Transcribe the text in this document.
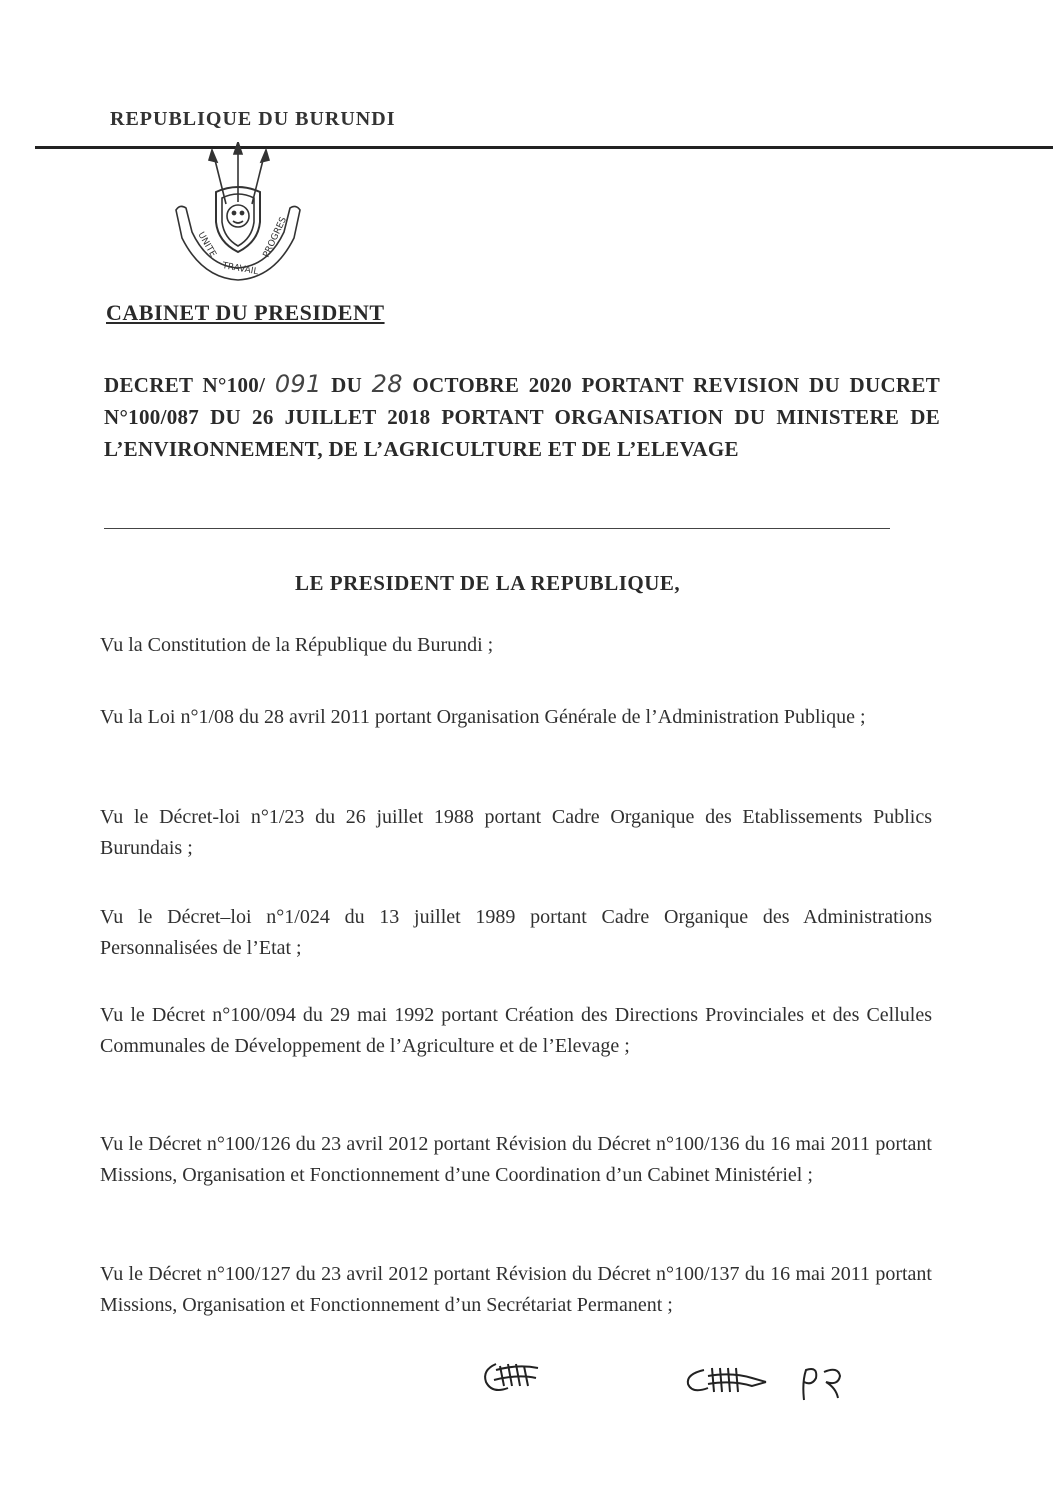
REPUBLIQUE DU BURUNDI
UNITE
TRAVAIL
PROGRES
CABINET DU PRESIDENT
DECRET N°100/ 091 DU 28 OCTOBRE 2020 PORTANT REVISION DU DUCRET N°100/087 DU 26 JUILLET 2018 PORTANT ORGANISATION DU MINISTERE DE L’ENVIRONNEMENT, DE L’AGRICULTURE ET DE L’ELEVAGE
LE PRESIDENT DE LA REPUBLIQUE,
Vu la Constitution de la République du Burundi ;
Vu la Loi n°1/08 du 28 avril 2011 portant Organisation Générale de l’Administration Publique ;
Vu le Décret-loi n°1/23 du 26 juillet 1988 portant Cadre Organique des Etablissements Publics Burundais ;
Vu le Décret–loi n°1/024 du 13 juillet 1989 portant Cadre Organique des Administrations Personnalisées de l’Etat ;
Vu le Décret n°100/094 du 29 mai 1992 portant Création des Directions Provinciales et des Cellules Communales de Développement de l’Agriculture et de l’Elevage ;
Vu le Décret n°100/126 du 23 avril 2012 portant Révision du Décret n°100/136 du 16 mai 2011 portant Missions, Organisation et Fonctionnement d’une Coordination d’un Cabinet Ministériel ;
Vu le Décret n°100/127 du 23 avril 2012 portant Révision du Décret n°100/137 du 16 mai 2011 portant Missions, Organisation et Fonctionnement d’un Secrétariat Permanent ;
